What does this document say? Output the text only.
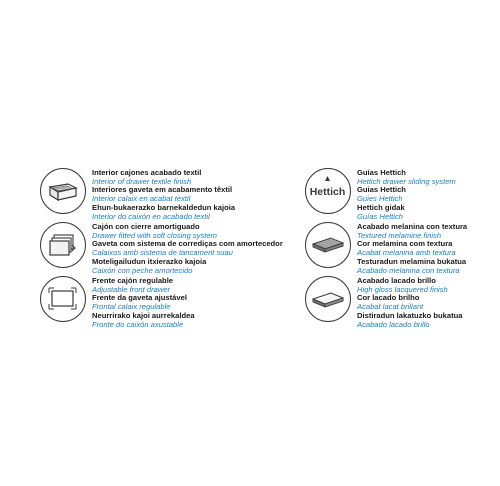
Interior cajones acabado textil
Interior of drawer textile finish
Interiores gaveta em acabamento têxtil
Interior calaix en acabat tèxtil
Ehun-bukaerazko barnekaldedun kajoia
Interior do caixón en acabado textil
Hettich
Guías Hettich
Hettich drawer sliding system
Guias Hettich
Guies Hettich
Hettich gidak
Guías Hettich
Cajón con cierre amortiguado
Drawer fitted with soft closing system
Gaveta com sistema de corrediças com amortecedor
Calaixos amb sistema de tancament suau
Moteligailudun itxierazko kajoia
Caixón con peche amortecido
Acabado melanina con textura
Textured melamine finish
Cor melamina com textura
Acabat melanina amb textura
Testuradun melamina bukatua
Acabado melanina con textura
Frente cajón regulable
Adjustable front drawer
Frente da gaveta ajustável
Frontal calaix regulable
Neurrirako kajoi aurrekaldea
Fronte do caixón axustable
Acabado lacado brillo
High gloss lacquered finish
Cor lacado brilho
Acabat lacat brillant
Distiradun lakatuzko bukatua
Acabado lacado brillo
